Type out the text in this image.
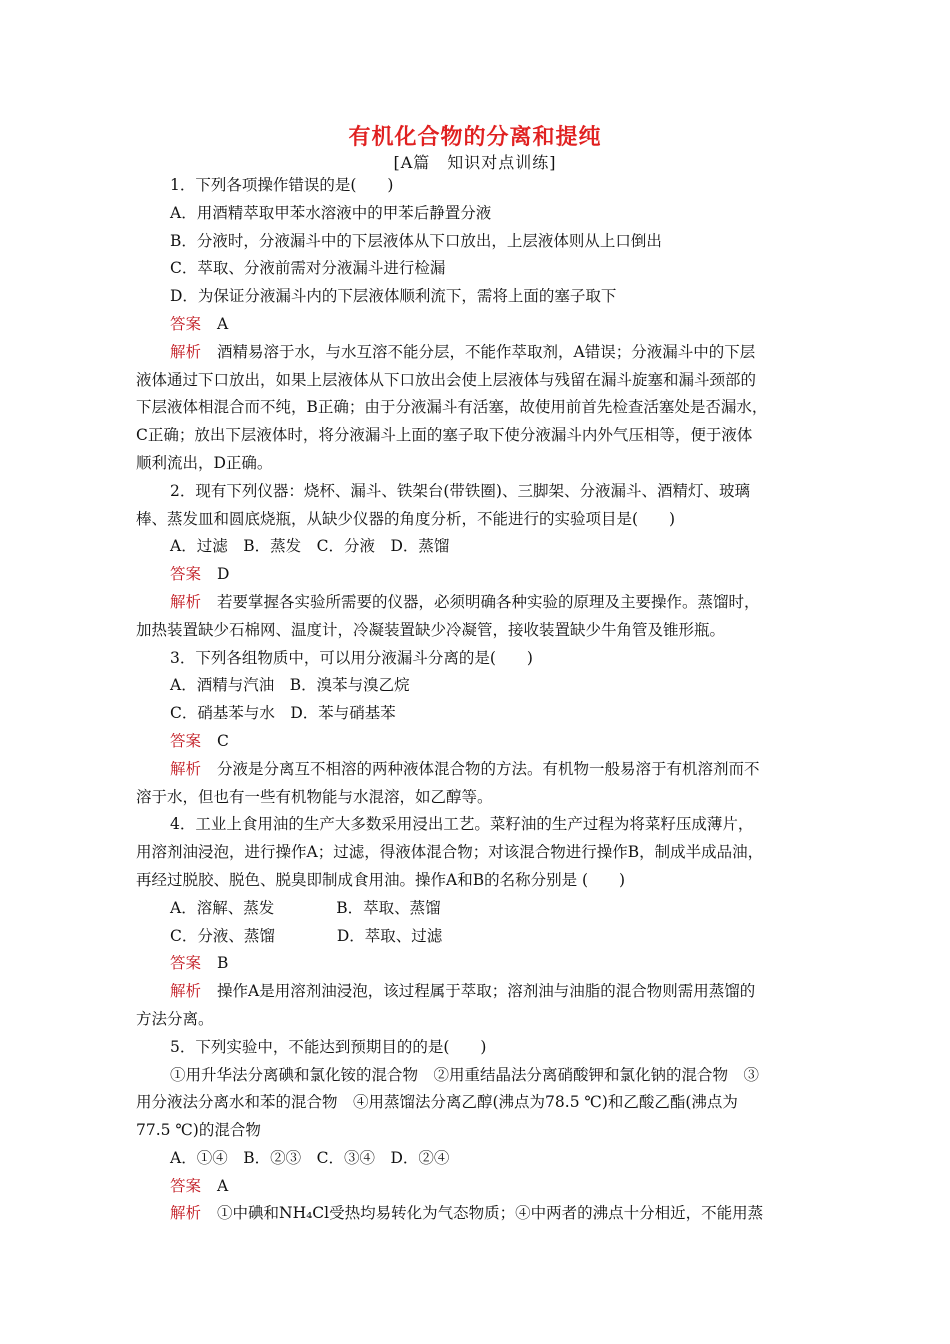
有机化合物的分离和提纯
[A篇　知识对点训练]
1．下列各项操作错误的是(　　)
A．用酒精萃取甲苯水溶液中的甲苯后静置分液
B．分液时，分液漏斗中的下层液体从下口放出，上层液体则从上口倒出
C．萃取、分液前需对分液漏斗进行检漏
D．为保证分液漏斗内的下层液体顺利流下，需将上面的塞子取下
答案 A
解析 酒精易溶于水，与水互溶不能分层，不能作萃取剂，A错误；分液漏斗中的下层
液体通过下口放出，如果上层液体从下口放出会使上层液体与残留在漏斗旋塞和漏斗颈部的
下层液体相混合而不纯，B正确；由于分液漏斗有活塞，故使用前首先检查活塞处是否漏水，
C正确；放出下层液体时，将分液漏斗上面的塞子取下使分液漏斗内外气压相等，便于液体
顺利流出，D正确。
2．现有下列仪器：烧杯、漏斗、铁架台(带铁圈)、三脚架、分液漏斗、酒精灯、玻璃
棒、蒸发皿和圆底烧瓶，从缺少仪器的角度分析，不能进行的实验项目是(　　)
A．过滤　B．蒸发　C．分液　D．蒸馏
答案 D
解析 若要掌握各实验所需要的仪器，必须明确各种实验的原理及主要操作。蒸馏时，
加热装置缺少石棉网、温度计，冷凝装置缺少冷凝管，接收装置缺少牛角管及锥形瓶。
3．下列各组物质中，可以用分液漏斗分离的是(　　)
A．酒精与汽油　B．溴苯与溴乙烷
C．硝基苯与水　D．苯与硝基苯
答案 C
解析 分液是分离互不相溶的两种液体混合物的方法。有机物一般易溶于有机溶剂而不
溶于水，但也有一些有机物能与水混溶，如乙醇等。
4．工业上食用油的生产大多数采用浸出工艺。菜籽油的生产过程为将菜籽压成薄片，
用溶剂油浸泡，进行操作A；过滤，得液体混合物；对该混合物进行操作B，制成半成品油，
再经过脱胶、脱色、脱臭即制成食用油。操作A和B的名称分别是 (　　)
A．溶解、蒸发　　　　B．萃取、蒸馏
C．分液、蒸馏　　　　D．萃取、过滤
答案 B
解析 操作A是用溶剂油浸泡，该过程属于萃取；溶剂油与油脂的混合物则需用蒸馏的
方法分离。
5．下列实验中，不能达到预期目的的是(　　)
①用升华法分离碘和氯化铵的混合物　②用重结晶法分离硝酸钾和氯化钠的混合物　③
用分液法分离水和苯的混合物　④用蒸馏法分离乙醇(沸点为78.5 ℃)和乙酸乙酯(沸点为
77.5 ℃)的混合物
A．①④　B．②③　C．③④　D．②④
答案 A
解析 ①中碘和NH₄Cl受热均易转化为气态物质；④中两者的沸点十分相近，不能用蒸
